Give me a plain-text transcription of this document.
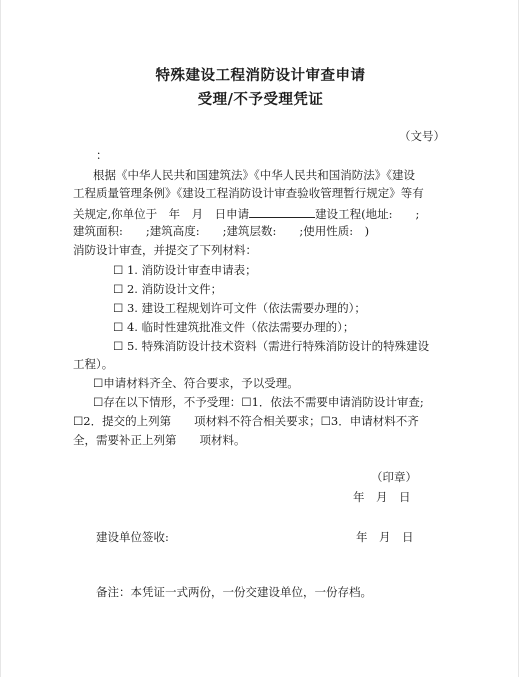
特殊建设工程消防设计审查申请
受理/不予受理凭证
（文号）
：
根据《中华人民共和国建筑法》《中华人民共和国消防法》《建设
工程质量管理条例》《建设工程消防设计审查验收管理暂行规定》等有
关规定,你单位于　年　月　日申请	建设工程(地址:　　;
建筑面积:　　;建筑高度:　　;建筑层数:　　;使用性质:　)
消防设计审查，并提交了下列材料：
☐ 1. 消防设计审查申请表；
☐ 2. 消防设计文件；
☐ 3. 建设工程规划许可文件（依法需要办理的）；
☐ 4. 临时性建筑批准文件（依法需要办理的）；
☐ 5. 特殊消防设计技术资料（需进行特殊消防设计的特殊建设
工程）。
☐申请材料齐全、符合要求，予以受理。
☐存在以下情形，不予受理：☐1．依法不需要申请消防设计审查;
☐2．提交的上列第　　项材料不符合相关要求；☐3．申请材料不齐
全，需要补正上列第　　项材料。
（印章）
年　月　日
建设单位签收:	年　月　日
备注：本凭证一式两份，一份交建设单位，一份存档。
